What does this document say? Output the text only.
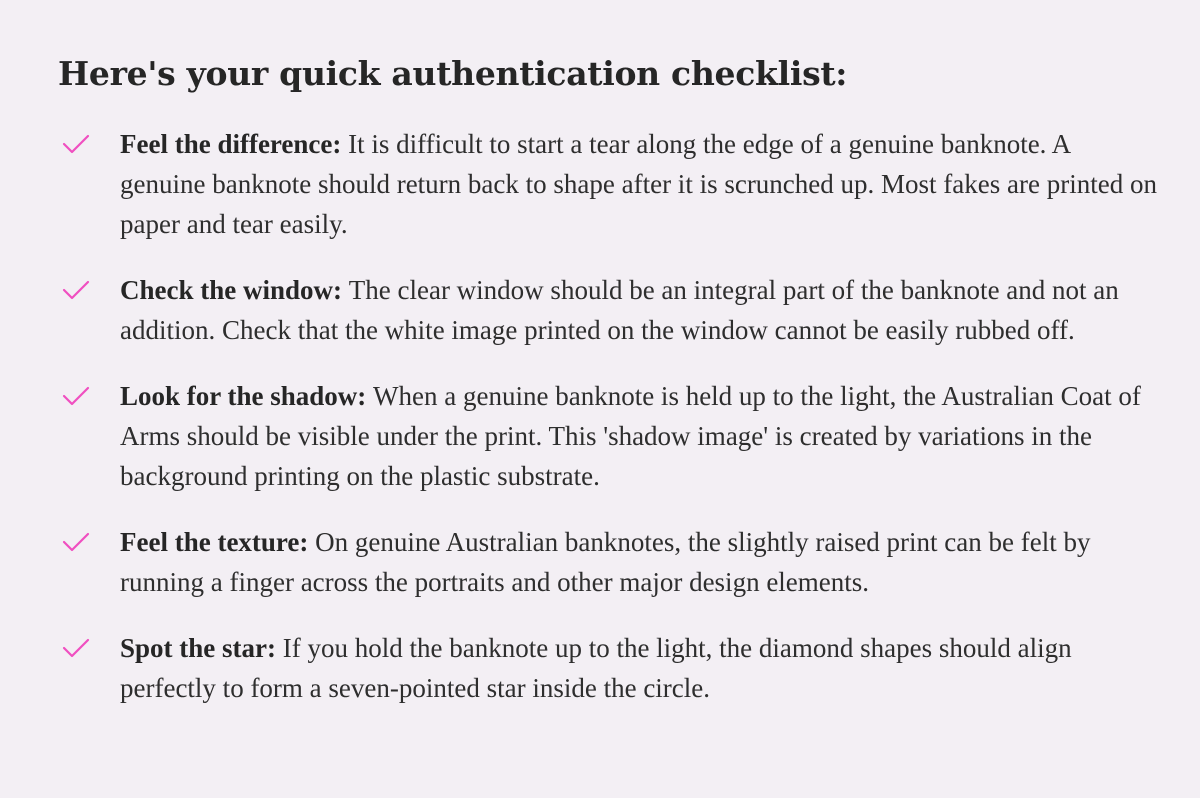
Here's your quick authentication checklist:
Feel the difference: It is difficult to start a tear along the edge of a genuine banknote. A genuine banknote should return back to shape after it is scrunched up. Most fakes are printed on paper and tear easily.
Check the window: The clear window should be an integral part of the banknote and not an addition. Check that the white image printed on the window cannot be easily rubbed off.
Look for the shadow: When a genuine banknote is held up to the light, the Australian Coat of Arms should be visible under the print. This 'shadow image' is created by variations in the background printing on the plastic substrate.
Feel the texture: On genuine Australian banknotes, the slightly raised print can be felt by running a finger across the portraits and other major design elements.
Spot the star: If you hold the banknote up to the light, the diamond shapes should align perfectly to form a seven-pointed star inside the circle.
